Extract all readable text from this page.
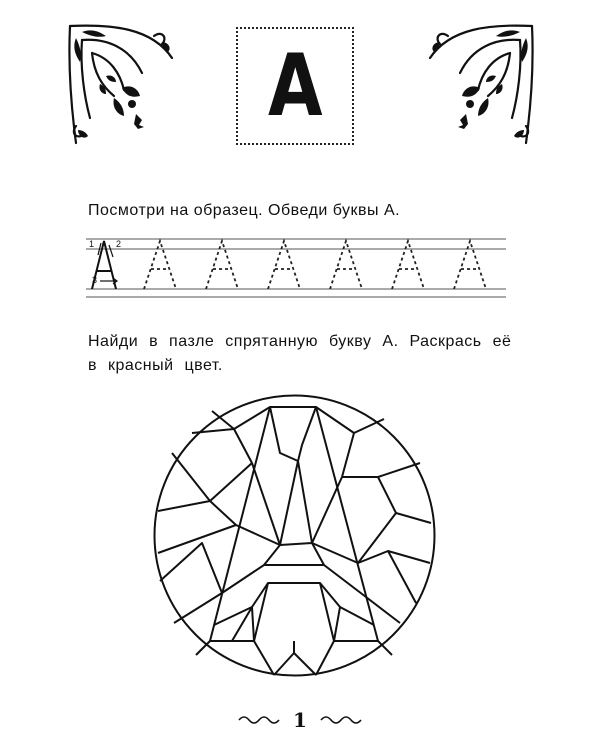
А
Посмотри на образец. Обведи буквы А.
1 2
3
Найди в пазле спрятанную букву А. Раскрась её в красный цвет.
1
